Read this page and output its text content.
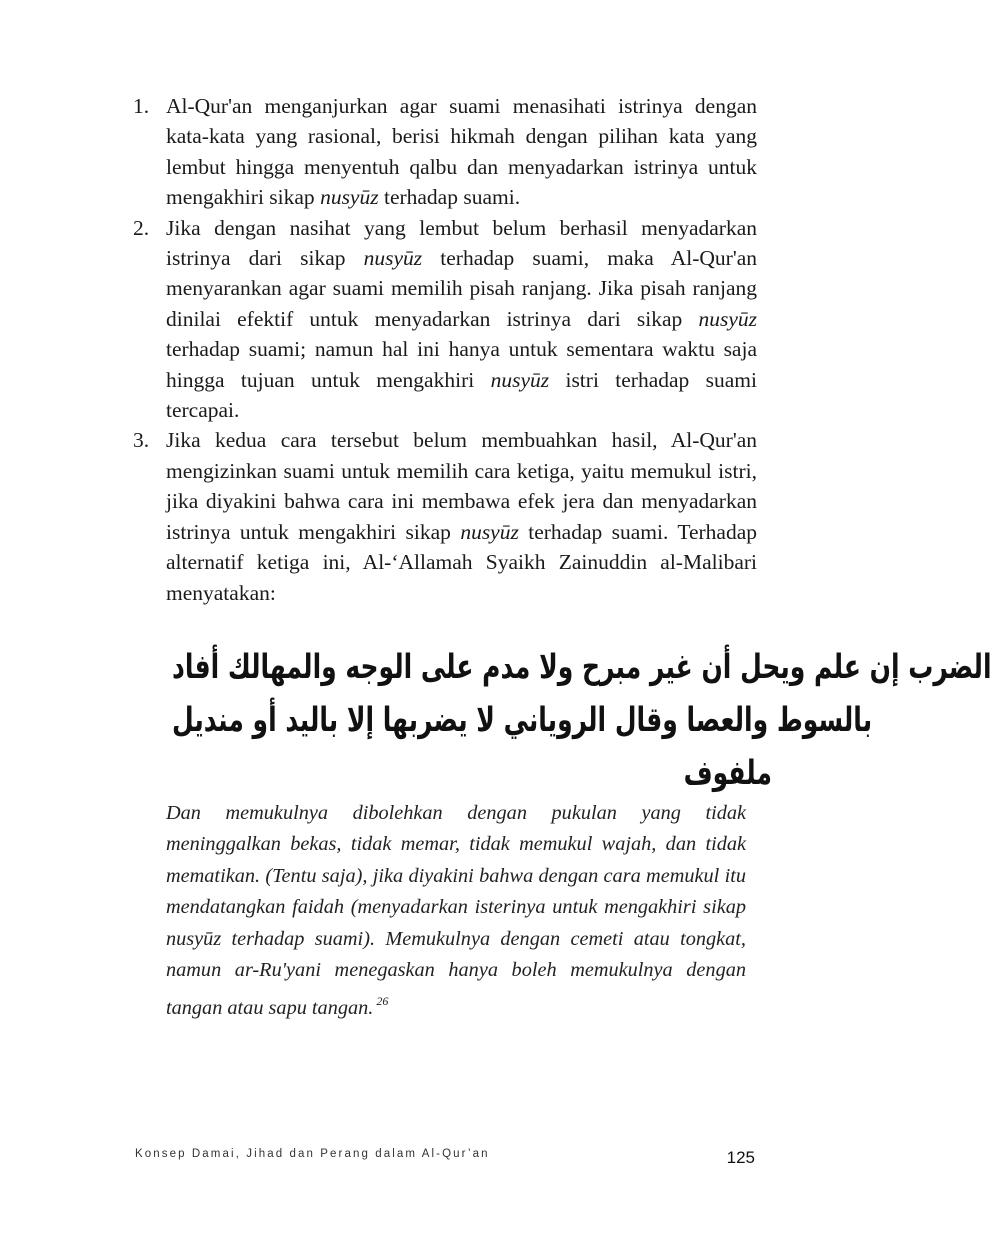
1. Al-Qur'an menganjurkan agar suami menasihati istrinya dengan kata-kata yang rasional, berisi hikmah dengan pilihan kata yang lembut hingga menyentuh qalbu dan menyadarkan istrinya untuk mengakhiri sikap nusyūz terhadap suami.
2. Jika dengan nasihat yang lembut belum berhasil menyadarkan istrinya dari sikap nusyūz terhadap suami, maka Al-Qur'an menyarankan agar suami memilih pisah ranjang. Jika pisah ranjang dinilai efektif untuk menyadarkan istrinya dari sikap nusyūz terhadap suami; namun hal ini hanya untuk sementara waktu saja hingga tujuan untuk mengakhiri nusyūz istri terhadap suami tercapai.
3. Jika kedua cara tersebut belum membuahkan hasil, Al-Qur'an mengizinkan suami untuk memilih cara ketiga, yaitu memukul istri, jika diyakini bahwa cara ini membawa efek jera dan menyadarkan istrinya untuk mengakhiri sikap nusyūz terhadap suami. Terhadap alternatif ketiga ini, Al-‘Allamah Syaikh Zainuddin al-Malibari menyatakan:
ﺍﻟﻀﺮﺏ ﺇﻥ ﻋﻠﻢ ﻭﻳﺤﻞ ﺃﻥ ﻏﻴﺮ ﻣﺒﺮﺡ ﻭﻻ ﻣﺪﻡ ﻋﻠﻰ ﺍﻟﻮﺟﻪ ﻭﺍﻟﻤﻬﺎﻟﻚ ﺃﻓﺎﺩ
ﺑﺎﻟﺴﻮﻁ ﻭﺍﻟﻌﺼﺎ ﻭﻗﺎﻝ ﺍﻟﺮﻭﻳﺎﻧﻲ ﻻ ﻳﻀﺮﺑﻬﺎ ﺇﻻ ﺑﺎﻟﻴﺪ ﺃﻭ ﻣﻨﺪﻳﻞ
ﻣﻠﻔﻮﻑ

Dan memukulnya dibolehkan dengan pukulan yang tidak meninggalkan bekas, tidak memar, tidak memukul wajah, dan tidak mematikan. (Tentu saja), jika diyakini bahwa dengan cara memukul itu mendatangkan faidah (menyadarkan isterinya untuk mengakhiri sikap nusyūz terhadap suami). Memukulnya dengan cemeti atau tongkat, namun ar-Ru'yani menegaskan hanya boleh memukulnya dengan tangan atau sapu tangan. $^{26}$

Konsep Damai, Jihad dan Perang dalam Al-Qur’an	125
